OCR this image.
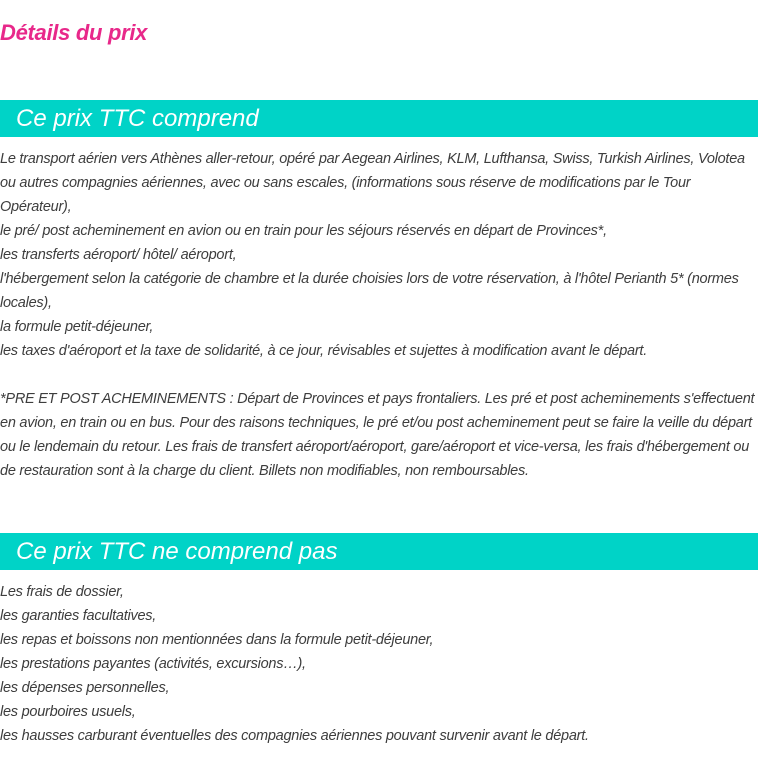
Détails du prix
Ce prix TTC comprend
Le transport aérien vers Athènes aller-retour, opéré par Aegean Airlines, KLM, Lufthansa, Swiss, Turkish Airlines, Volotea ou autres compagnies aériennes, avec ou sans escales, (informations sous réserve de modifications par le Tour Opérateur),
le pré/ post acheminement en avion ou en train pour les séjours réservés en départ de Provinces*,
les transferts aéroport/ hôtel/ aéroport,
l'hébergement selon la catégorie de chambre et la durée choisies lors de votre réservation, à l'hôtel Perianth 5* (normes locales),
la formule petit-déjeuner,
les taxes d'aéroport et la taxe de solidarité, à ce jour, révisables et sujettes à modification avant le départ.
*PRE ET POST ACHEMINEMENTS : Départ de Provinces et pays frontaliers. Les pré et post acheminements s'effectuent en avion, en train ou en bus. Pour des raisons techniques, le pré et/ou post acheminement peut se faire la veille du départ ou le lendemain du retour. Les frais de transfert aéroport/aéroport, gare/aéroport et vice-versa, les frais d'hébergement ou de restauration sont à la charge du client. Billets non modifiables, non remboursables.
Ce prix TTC ne comprend pas
Les frais de dossier,
les garanties facultatives,
les repas et boissons non mentionnées dans la formule petit-déjeuner,
les prestations payantes (activités, excursions…),
les dépenses personnelles,
les pourboires usuels,
les hausses carburant éventuelles des compagnies aériennes pouvant survenir avant le départ.
